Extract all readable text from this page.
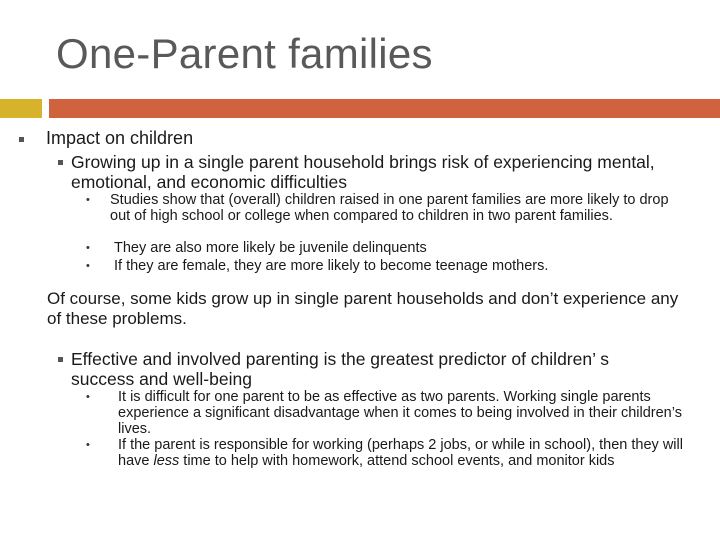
One-Parent families
Impact on children
Growing up in a single parent household brings risk of experiencing mental, emotional, and economic difficulties
• Studies show that (overall) children raised in one parent families are more likely to drop out of high school or college when compared to children in two parent families.
• They are also more likely be juvenile delinquents
• If they are female, they are more likely to become teenage mothers.
Of course, some kids grow up in single parent households and don’t experience any of these problems.
Effective and involved parenting is the greatest predictor of children’ s success and well-being
• It is difficult for one parent to be as effective as two parents. Working single parents experience a significant disadvantage when it comes to being involved in their children’s lives.
• If the parent is responsible for working (perhaps 2 jobs, or while in school), then they will have less time to help with homework, attend school events, and monitor kids
